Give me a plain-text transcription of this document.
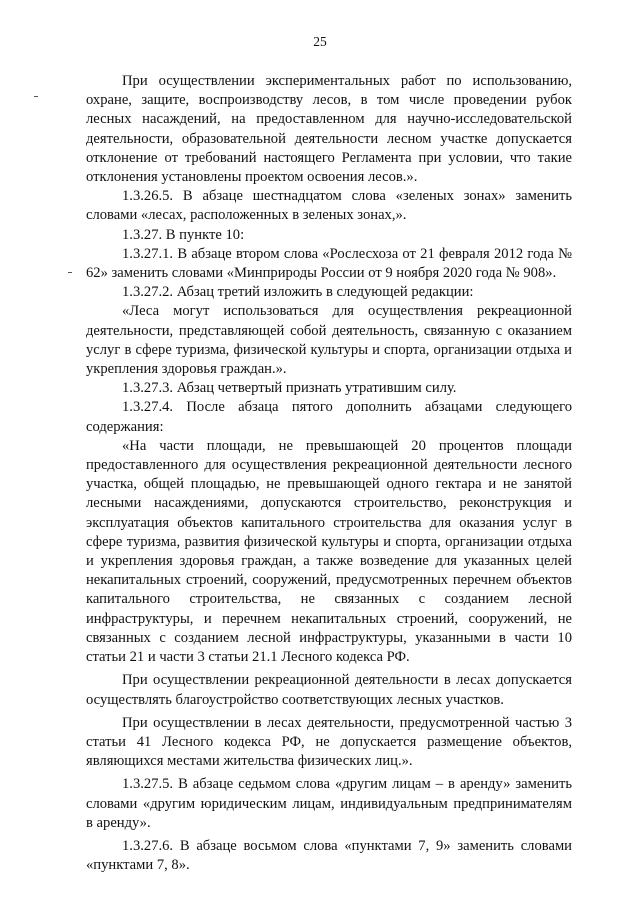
25

При осуществлении экспериментальных работ по использованию, охране, защите, воспроизводству лесов, в том числе проведении рубок лесных насаждений, на предоставленном для научно-исследовательской деятельности, образовательной деятельности лесном участке допускается отклонение от требований настоящего Регламента при условии, что такие отклонения установлены проектом освоения лесов.».

1.3.26.5. В абзаце шестнадцатом слова «зеленых зонах» заменить словами «лесах, расположенных в зеленых зонах,».

1.3.27. В пункте 10:

1.3.27.1. В абзаце втором слова «Рослесхоза от 21 февраля 2012 года № 62» заменить словами «Минприроды России от 9 ноября 2020 года № 908».

1.3.27.2. Абзац третий изложить в следующей редакции:

«Леса могут использоваться для осуществления рекреационной деятельности, представляющей собой деятельность, связанную с оказанием услуг в сфере туризма, физической культуры и спорта, организации отдыха и укрепления здоровья граждан.».

1.3.27.3. Абзац четвертый признать утратившим силу.

1.3.27.4. После абзаца пятого дополнить абзацами следующего содержания:

«На части площади, не превышающей 20 процентов площади предоставленного для осуществления рекреационной деятельности лесного участка, общей площадью, не превышающей одного гектара и не занятой лесными насаждениями, допускаются строительство, реконструкция и эксплуатация объектов капитального строительства для оказания услуг в сфере туризма, развития физической культуры и спорта, организации отдыха и укрепления здоровья граждан, а также возведение для указанных целей некапитальных строений, сооружений, предусмотренных перечнем объектов капитального строительства, не связанных с созданием лесной инфраструктуры, и перечнем некапитальных строений, сооружений, не связанных с созданием лесной инфраструктуры, указанными в части 10 статьи 21 и части 3 статьи 21.1 Лесного кодекса РФ.

При осуществлении рекреационной деятельности в лесах допускается осуществлять благоустройство соответствующих лесных участков.

При осуществлении в лесах деятельности, предусмотренной частью 3 статьи 41 Лесного кодекса РФ, не допускается размещение объектов, являющихся местами жительства физических лиц.».

1.3.27.5. В абзаце седьмом слова «другим лицам – в аренду» заменить словами «другим юридическим лицам, индивидуальным предпринимателям в аренду».

1.3.27.6. В абзаце восьмом слова «пунктами 7, 9» заменить словами «пунктами 7, 8».
